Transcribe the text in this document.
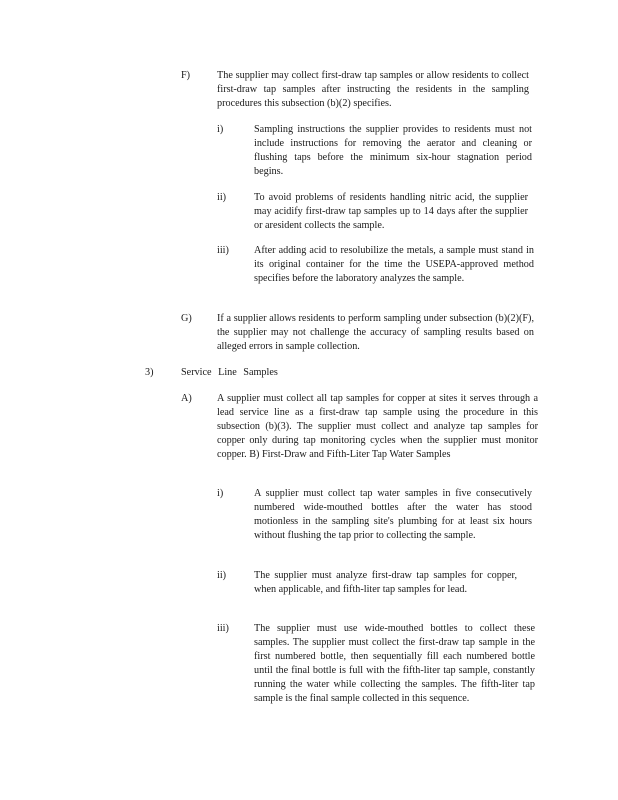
F)	The supplier may collect first-draw tap samples or allow residents to collect first-draw tap samples after instructing the residents in the sampling procedures this subsection (b)(2) specifies.
i)	Sampling instructions the supplier provides to residents must not include instructions for removing the aerator and cleaning or flushing taps before the minimum six-hour stagnation period begins.
ii)	To avoid problems of residents handling nitric acid, the supplier may acidify first-draw tap samples up to 14 days after the supplier or aresident collects the sample.
iii) After adding acid to resolubilize the metals, a sample must stand in its original container for the time the USEPA-approved method specifies before the laboratory analyzes the sample.
G) If a supplier allows residents to perform sampling under subsection (b)(2)(F), the supplier may not challenge the accuracy of sampling results based on alleged errors in sample collection.
3)	Service Line Samples
A) A supplier must collect all tap samples for copper at sites it serves through a lead service line as a first-draw tap sample using the procedure in this subsection (b)(3). The supplier must collect and analyze tap samples for copper only during tap monitoring cycles when the supplier must monitor copper. B) First-Draw and Fifth-Liter Tap Water Samples
i)	A supplier must collect tap water samples in five consecutively numbered wide-mouthed bottles after the water has stood motionless in the sampling site's plumbing for at least six hours without flushing the tap prior to collecting the sample.
ii)	The supplier must analyze first-draw tap samples for copper, when applicable, and fifth-liter tap samples for lead.
iii) The supplier must use wide-mouthed bottles to collect these samples. The supplier must collect the first-draw tap sample in the first numbered bottle, then sequentially fill each numbered bottle until the final bottle is full with the fifth-liter tap sample, constantly running the water while collecting the samples. The fifth-liter tap sample is the final sample collected in this sequence.
